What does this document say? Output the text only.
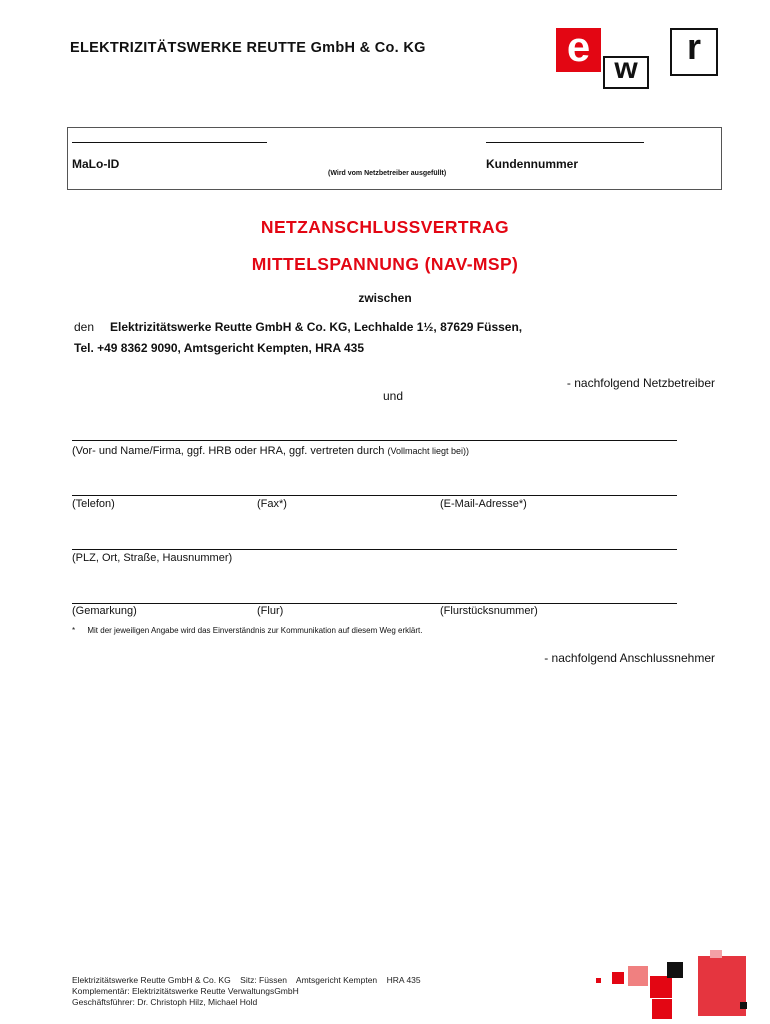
ELEKTRIZITÄTSWERKE REUTTE GmbH & Co. KG	e w
r
MaLo-ID	Kundennummer
(Wird vom Netzbetreiber ausgefüllt)
NETZANSCHLUSSVERTRAG
MITTELSPANNUNG (NAV-MSP)
zwischen
den Elektrizitätswerke Reutte GmbH & Co. KG, Lechhalde 1½, 87629 Füssen,
Tel. +49 8362 9090, Amtsgericht Kempten, HRA 435
- nachfolgend Netzbetreiber
und
(Vor- und Name/Firma, ggf. HRB oder HRA, ggf. vertreten durch (Vollmacht liegt bei))
(Telefon)	(Fax*)	(E-Mail-Adresse*)
(PLZ, Ort, Straße, Hausnummer)
(Gemarkung)	(Flur)	(Flurstücksnummer)
* Mit der jeweiligen Angabe wird das Einverständnis zur Kommunikation auf diesem Weg erklärt.
- nachfolgend Anschlussnehmer
Elektrizitätswerke Reutte GmbH & Co. KG    Sitz: Füssen    Amtsgericht Kempten    HRA 435
Komplementär: Elektrizitätswerke Reutte VerwaltungsGmbH
Geschäftsführer: Dr. Christoph Hilz, Michael Hold
